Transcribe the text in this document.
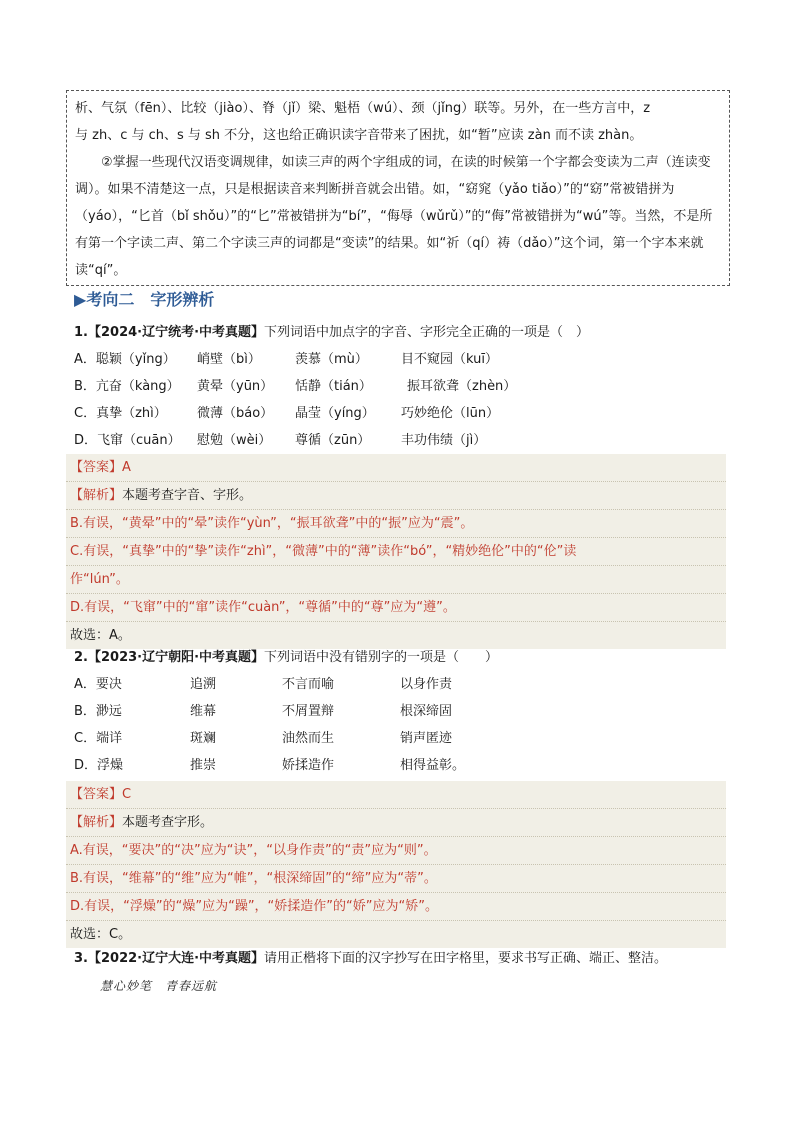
析、气氛（fēn）、比较（jiào）、脊（jǐ）梁、魁梧（wú）、颈（jǐng）联等。另外，在一些方言中，z

与 zh、c 与 ch、s 与 sh 不分，这也给正确识读字音带来了困扰，如“暂”应读 zàn 而不读 zhàn。

②掌握一些现代汉语变调规律，如读三声的两个字组成的词，在读的时候第一个字都会变读为二声（连读变调）。如果不清楚这一点，只是根据读音来判断拼音就会出错。如，“窈窕（yǎo tiǎo）”的“窈”常被错拼为（yáo），“匕首（bǐ shǒu）”的“匕”常被错拼为“bí”，“侮辱（wǔrǔ）”的“侮”常被错拼为“wú”等。当然，不是所有第一个字读二声、第二个字读三声的词都是“变读”的结果。如“祈（qí）祷（dǎo）”这个词，第一个字本来就读“qí”。

▶考向二　字形辨析
1.【2024·辽宁统考·中考真题】下列词语中加点字的字音、字形完全正确的一项是（　）
A．聪颖（yǐng）	峭壁（bì）	羡慕（mù）	目不窥园（kuī）
B．亢奋（kàng）	黄晕（yūn）	恬静（tián）	振耳欲聋（zhèn）
C．真挚（zhì）	微薄（báo）	晶莹（yíng）	巧妙绝伦（lūn）
D．飞窜（cuān）	慰勉（wèi）	尊循（zūn）	丰功伟绩（jì）
【答案】A
【解析】本题考查字音、字形。
B.有误，“黄晕”中的“晕”读作“yùn”，“振耳欲聋”中的“振”应为“震”。
C.有误，“真挚”中的“挚”读作“zhì”，“微薄”中的“薄”读作“bó”，“精妙绝伦”中的“伦”读
作“lún”。
D.有误，“飞窜”中的“窜”读作“cuàn”，“尊循”中的“尊”应为“遵”。
故选：A。
2.【2023·辽宁朝阳·中考真题】下列词语中没有错别字的一项是（　　）
A．要决	追溯	不言而喻	以身作责
B．渺远	维幕	不屑置辩	根深缔固
C．端详	斑斓	油然而生	销声匿迹
D．浮燥	推崇	娇揉造作	相得益彰。
【答案】C
【解析】本题考查字形。
A.有误，“要决”的“决”应为“诀”，“以身作责”的“责”应为“则”。
B.有误，“维幕”的“维”应为“帷”，“根深缔固”的“缔”应为“蒂”。
D.有误，“浮燥”的“燥”应为“躁”，“娇揉造作”的“娇”应为“矫”。
故选：C。
3.【2022·辽宁大连·中考真题】请用正楷将下面的汉字抄写在田字格里，要求书写正确、端正、整洁。
慧心妙笔　青春远航
